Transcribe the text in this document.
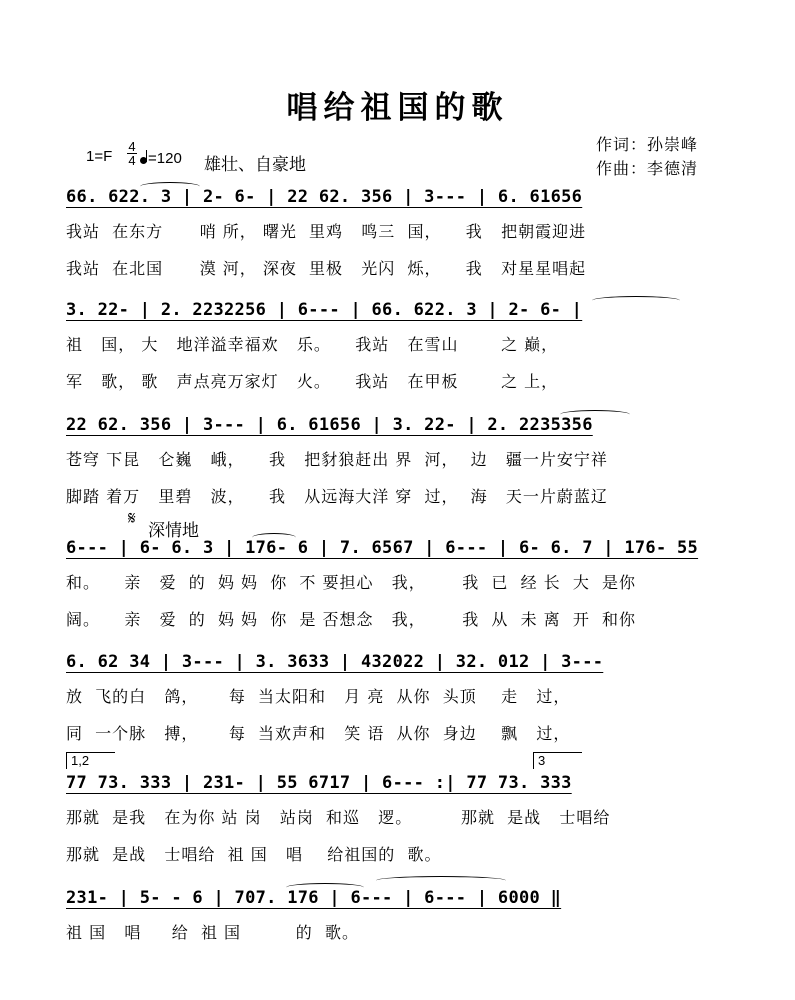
唱给祖国的歌
1=F
4
4 =120 雄壮、自豪地
作词：孙崇峰
作曲：李德清
66. 622. 3 | 2- 6- | 22 62. 356 | 3--- | 6. 61656
我站  在东方      哨 所， 曙光  里鸡   鸣三  国，    我   把朝霞迎进
我站  在北国      漠 河， 深夜  里极   光闪  烁，    我   对星星唱起
3. 22- | 2. 2232256 | 6--- | 66. 622. 3 | 2- 6- |
祖   国， 大   地洋溢幸福欢   乐。    我站   在雪山       之 巅，
军   歌， 歌   声点亮万家灯   火。    我站   在甲板       之 上，
22 62. 356 | 3--- | 6. 61656 | 3. 22- | 2. 2235356
苍穹 下昆   仑巍   峨，    我   把豺狼赶出 界  河，  边   疆一片安宁祥
脚踏 着万   里碧   波，    我   从远海大洋 穿  过，  海   天一片蔚蓝辽
𝄋
深情地
6--- | 6- 6. 3 | 176- 6 | 7. 6567 | 6--- | 6- 6. 7 | 176- 55
和。    亲   爱  的  妈 妈  你  不 要担心   我，      我  已  经 长  大  是你
阔。    亲   爱  的  妈 妈  你  是 否想念   我，      我  从  未 离  开  和你
6. 62 34 | 3--- | 3. 3633 | 432022 | 32. 012 | 3---
放  飞的白   鸽，     每  当太阳和   月 亮  从你  头顶    走   过，
同  一个脉   搏，     每  当欢声和   笑 语  从你  身边    飘   过，
1,2	3
77 73. 333 | 231- | 55 6717 | 6--- :| 77 73. 333
那就  是我   在为你 站 岗   站岗  和巡   逻。        那就  是战   士唱给
那就  是战   士唱给  祖 国   唱    给祖国的  歌。
231- | 5- - 6 | 707. 176 | 6--- | 6--- | 6000 ‖
祖 国   唱     给  祖 国         的  歌。
